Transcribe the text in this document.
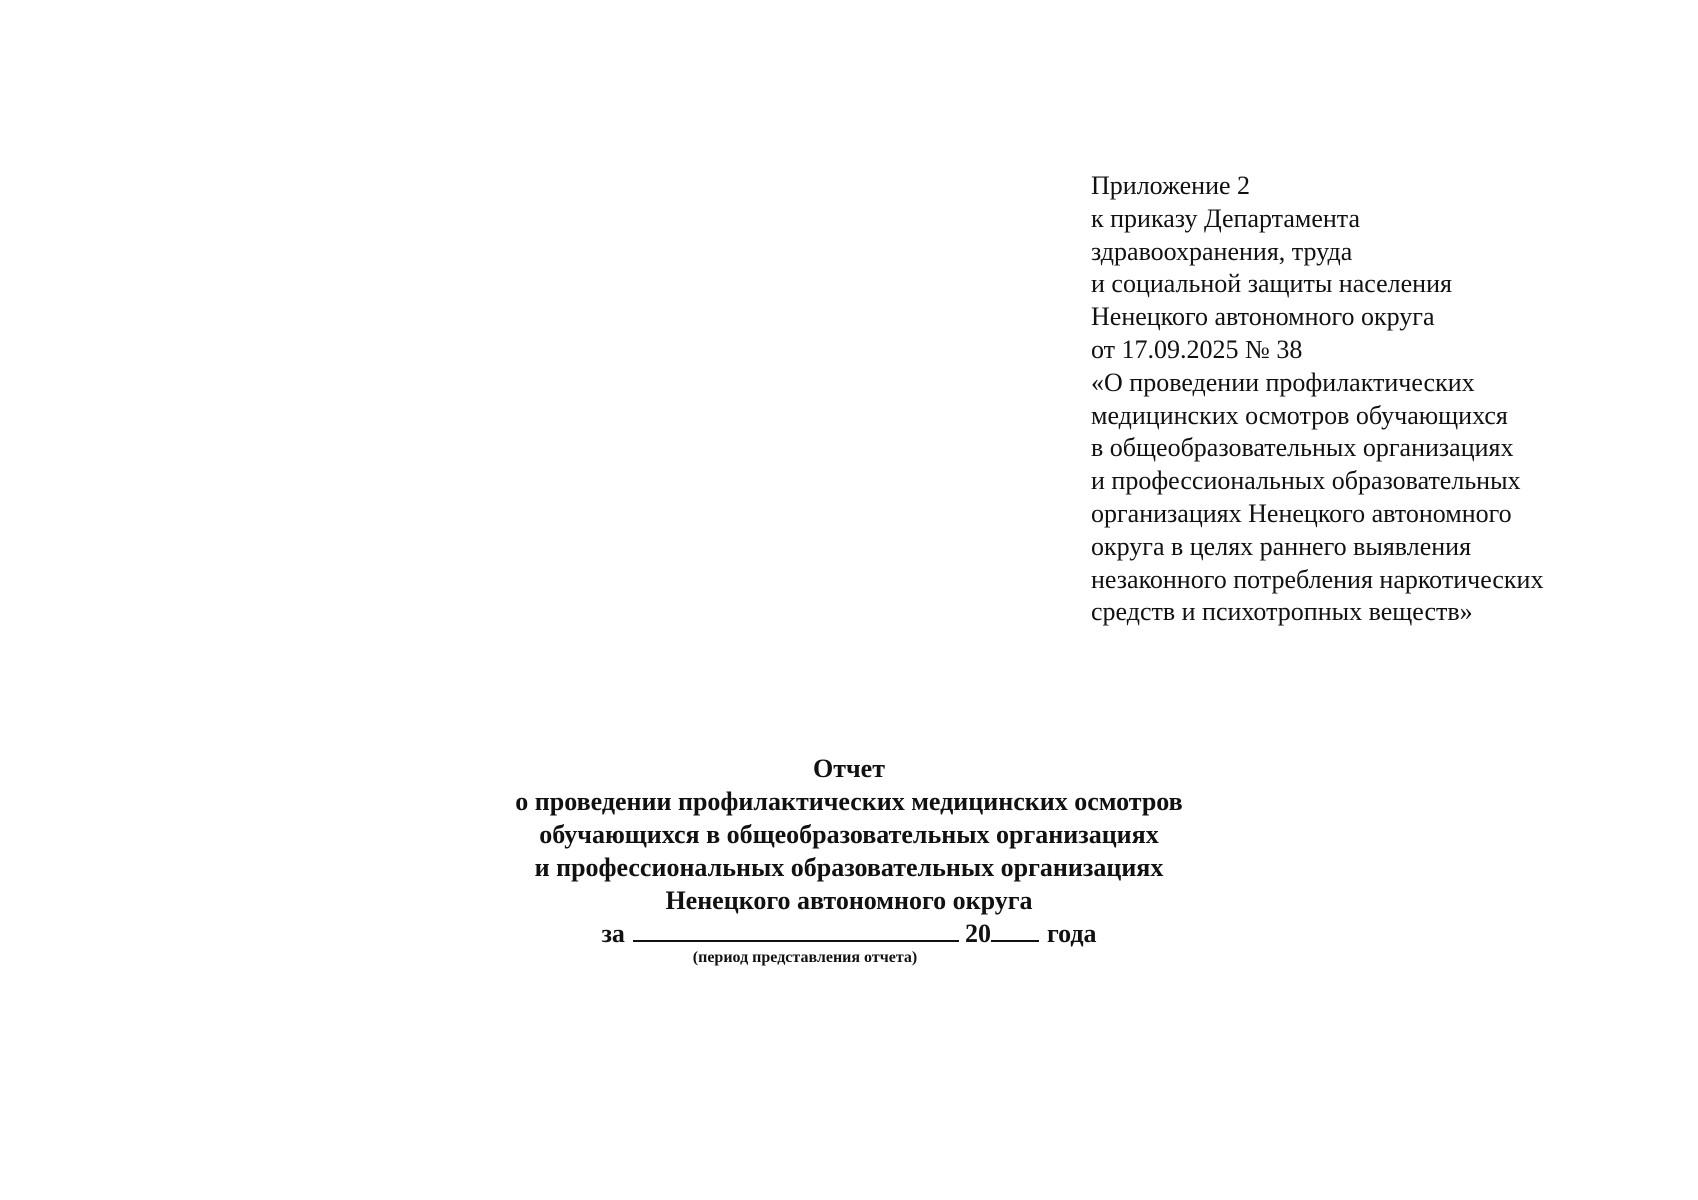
Приложение 2
к приказу Департамента
здравоохранения, труда
и социальной защиты населения
Ненецкого автономного округа
от 17.09.2025 № 38
«О проведении профилактических
медицинских осмотров обучающихся
в общеобразовательных организациях
и профессиональных образовательных
организациях Ненецкого автономного
округа в целях раннего выявления
незаконного потребления наркотических
средств и психотропных веществ»
Отчет
о проведении профилактических медицинских осмотров
обучающихся в общеобразовательных организациях
и профессиональных образовательных организациях
Ненецкого автономного округа
за	20 года
(период представления отчета)
